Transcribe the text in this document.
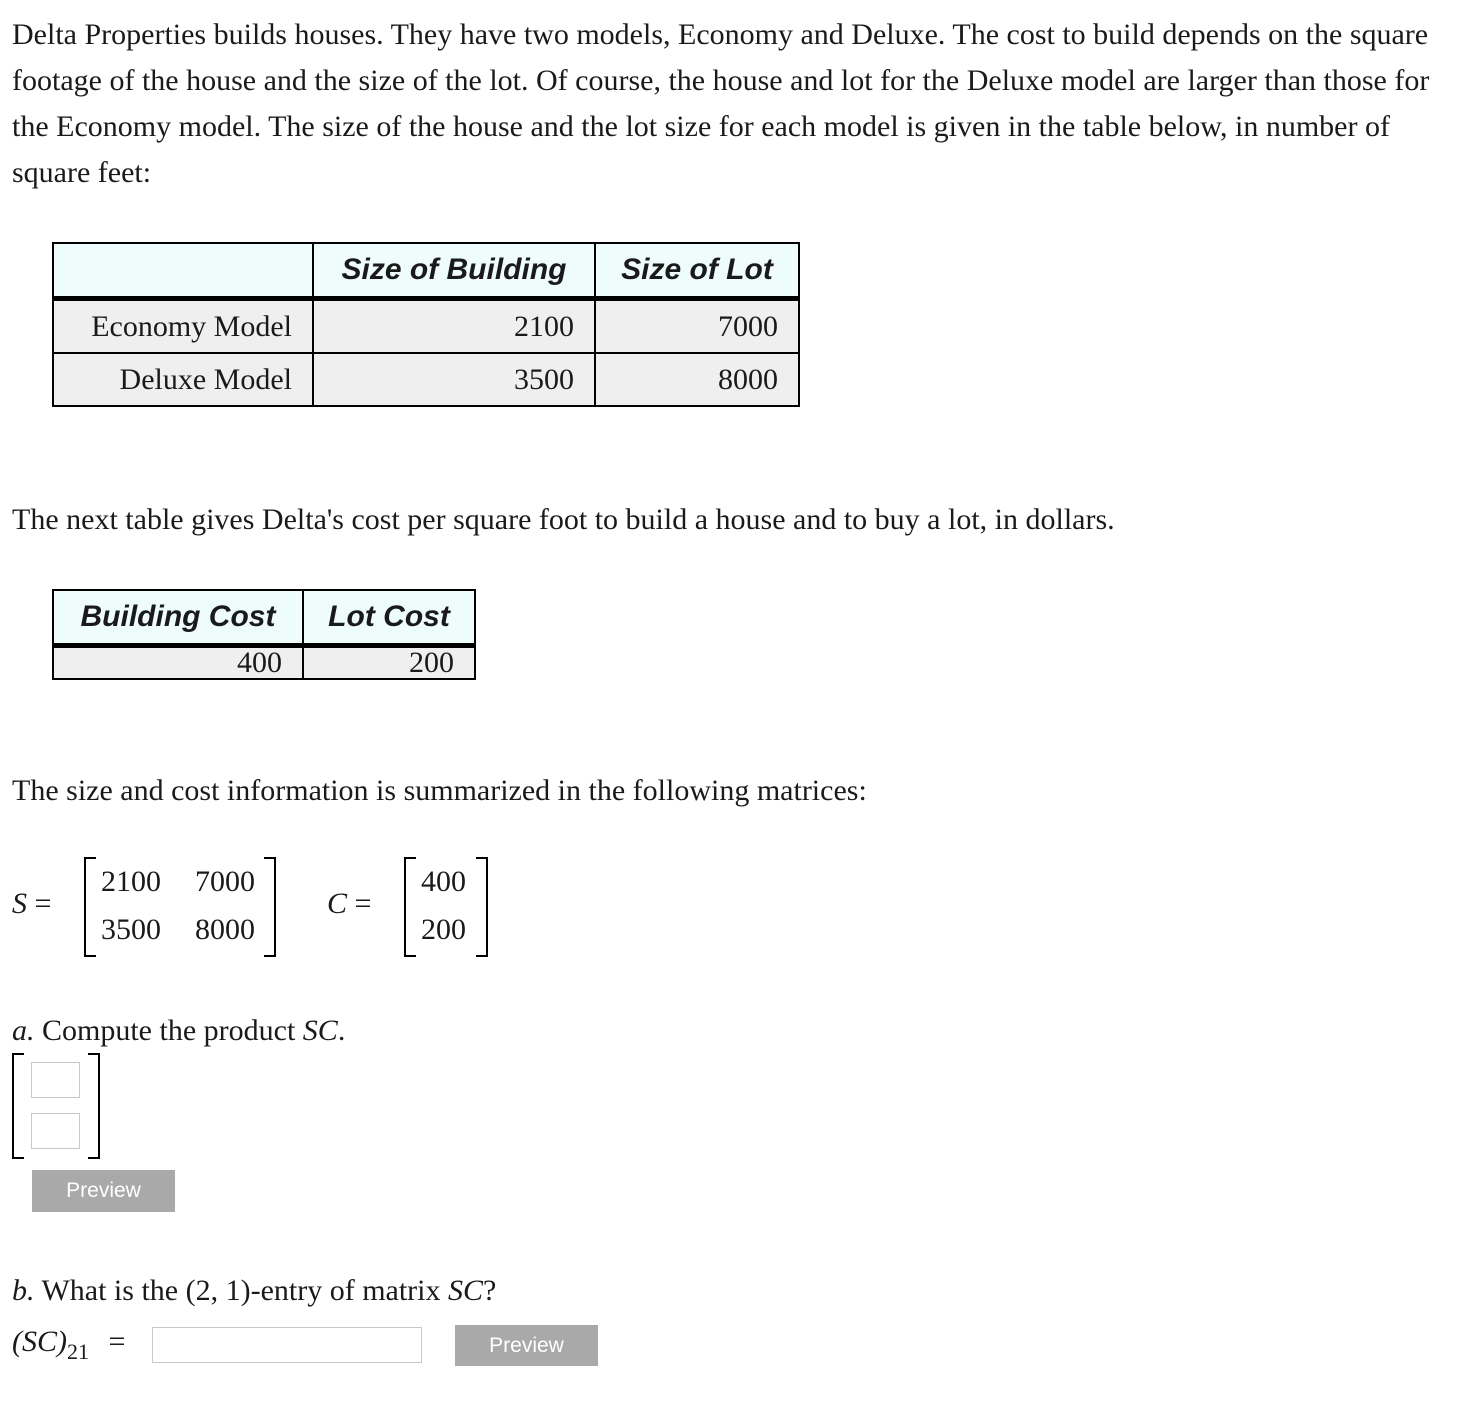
Delta Properties builds houses. They have two models, Economy and Deluxe. The cost to build depends on the square footage of the house and the size of the lot. Of course, the house and lot for the Deluxe model are larger than those for the Economy model. The size of the house and the lot size for each model is given in the table below, in number of square feet:

	Size of Building	Size of Lot
Economy Model	2100	7000
Deluxe Model	3500	8000

The next table gives Delta's cost per square foot to build a house and to buy a lot, in dollars.

Building Cost	Lot Cost
400	200

The size and cost information is summarized in the following matrices:

S =
2100 7000
3500 8000
C =
400
200
a. Compute the product SC.
Preview
b. What is the (2, 1)-entry of matrix SC?
$(SC)_{21}$ =	Preview
